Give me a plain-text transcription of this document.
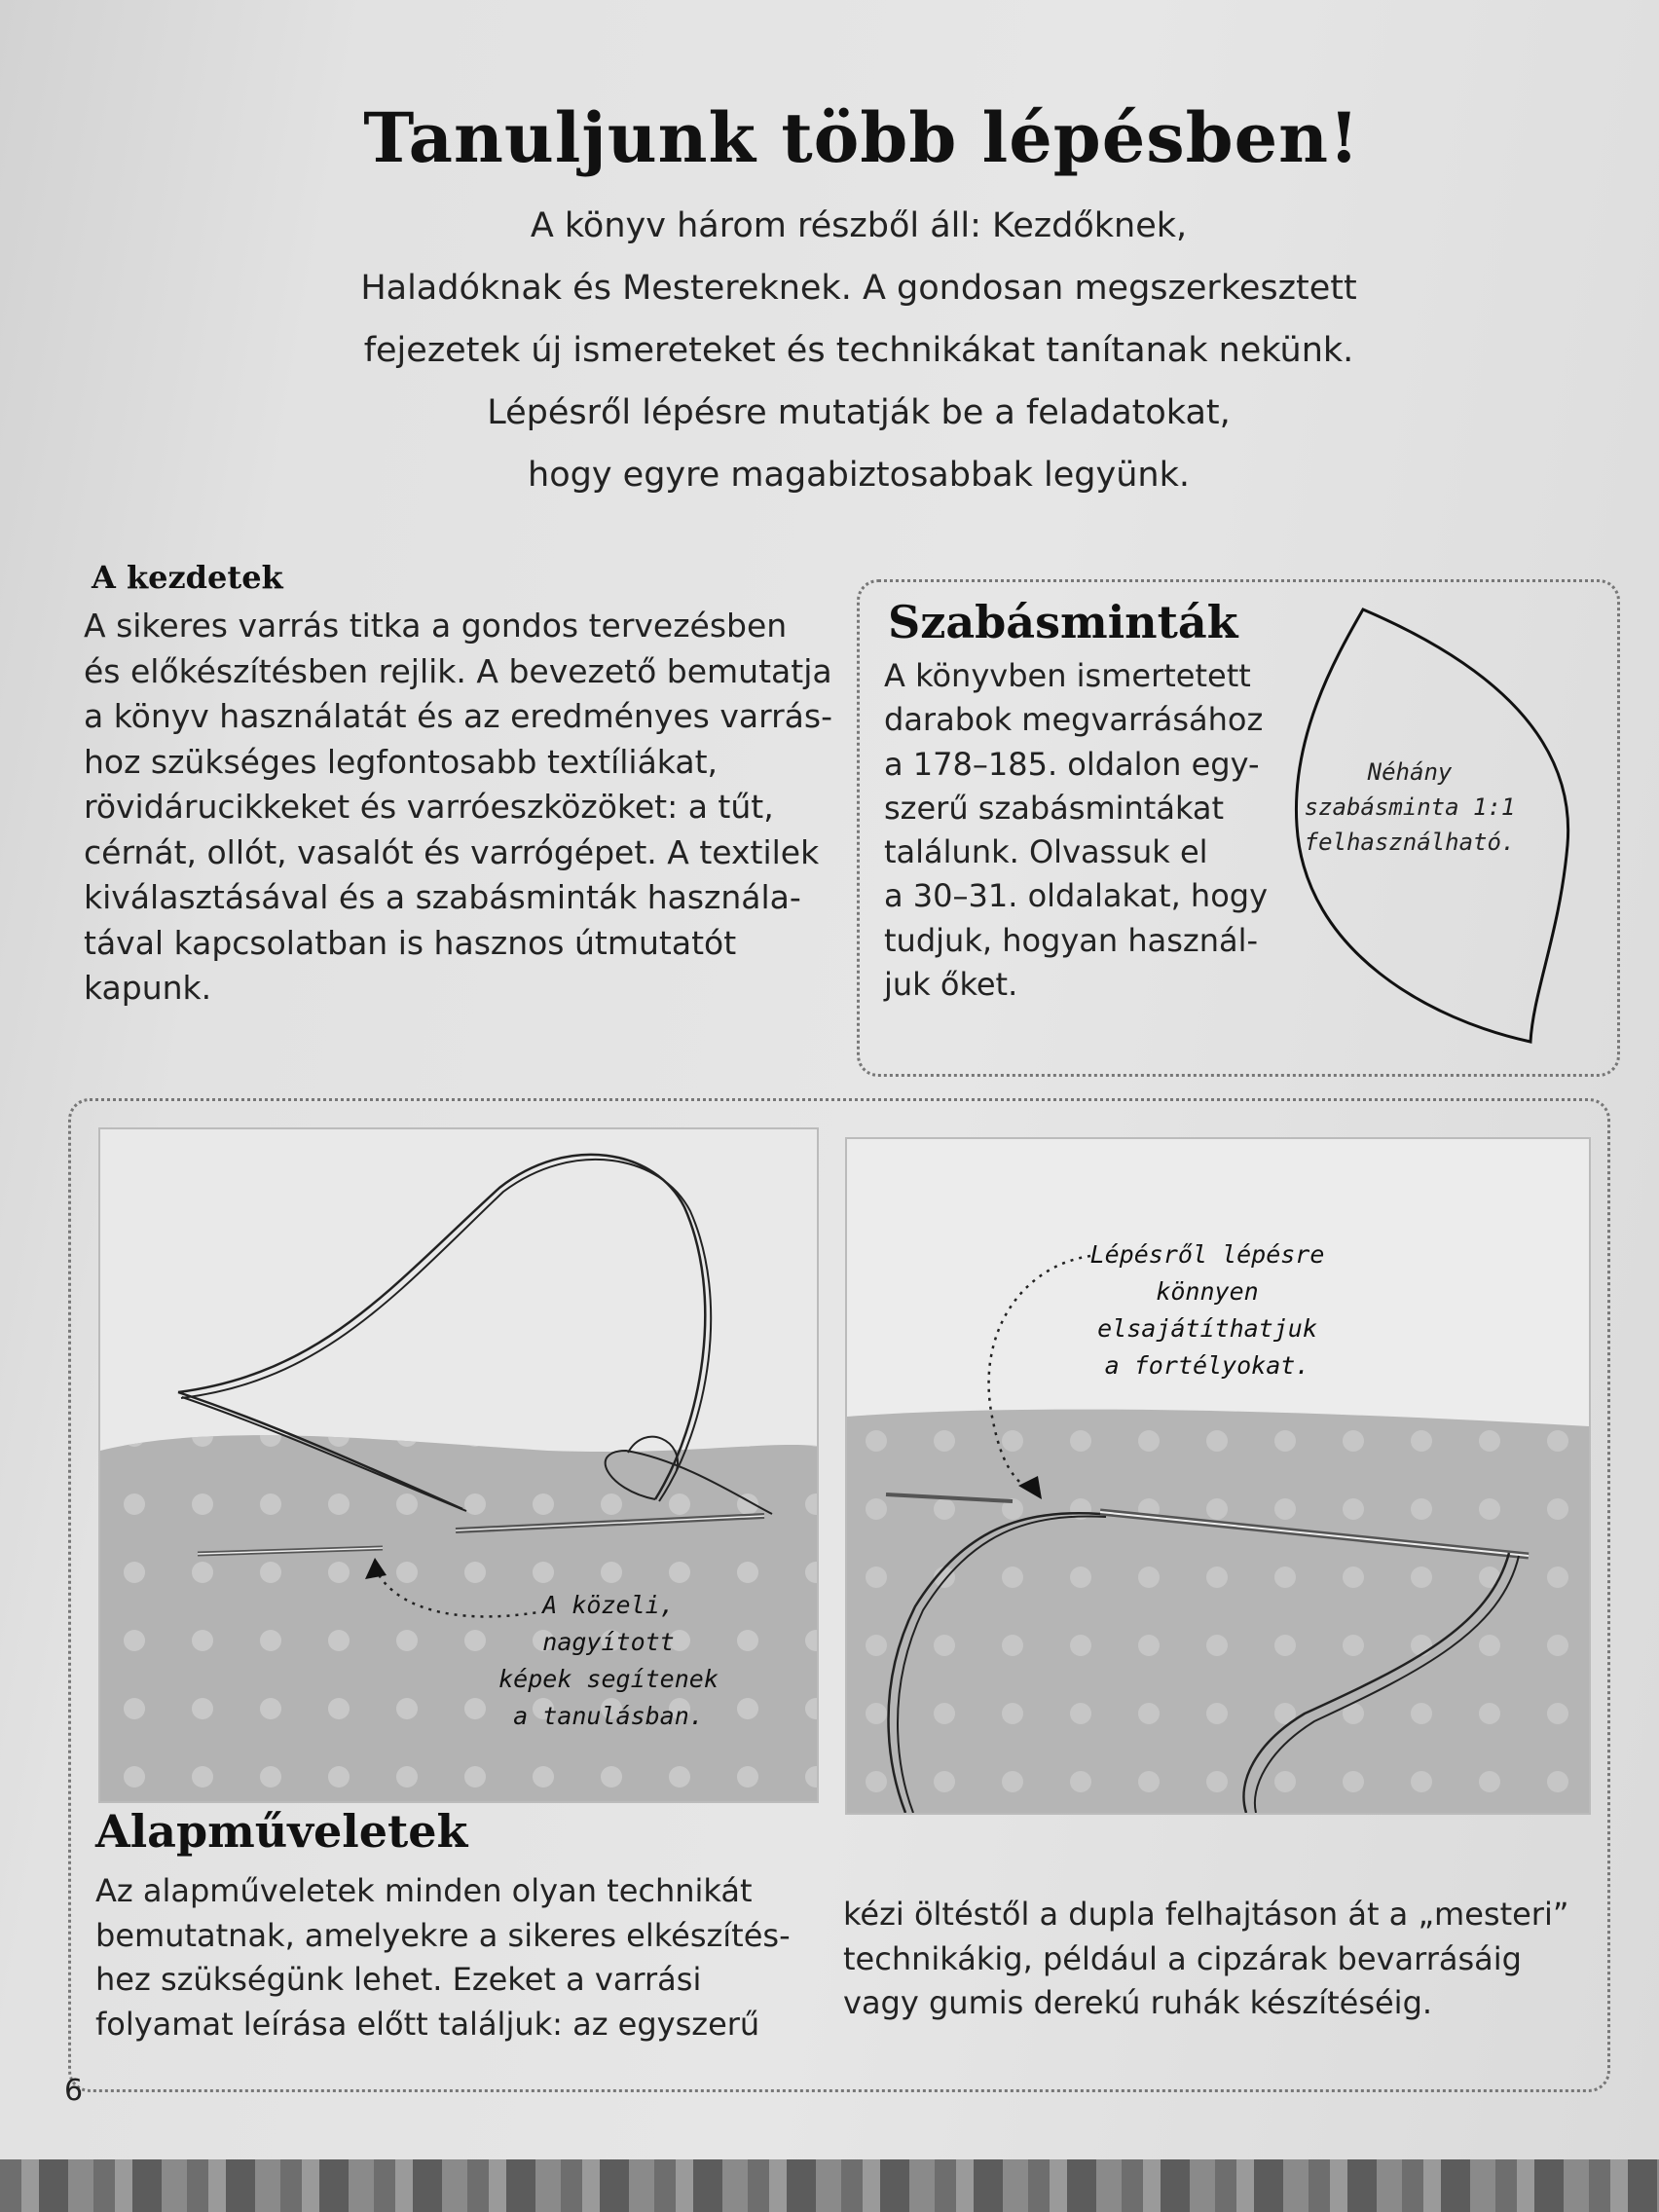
Tanuljunk több lépésben!
A könyv három részből áll: Kezdőknek,
Haladóknak és Mestereknek. A gondosan megszerkesztett
fejezetek új ismereteket és technikákat tanítanak nekünk.
Lépésről lépésre mutatják be a feladatokat,
hogy egyre magabiztosabbak legyünk.
A kezdetek
A sikeres varrás titka a gondos tervezésben
és előkészítésben rejlik. A bevezető bemutatja
a könyv használatát és az eredményes varrás-
hoz szükséges legfontosabb textíliákat,
rövidárucikkeket és varróeszközöket: a tűt,
cérnát, ollót, vasalót és varrógépet. A textilek
kiválasztásával és a szabásminták használa-
tával kapcsolatban is hasznos útmutatót
kapunk.
Szabásminták
A könyvben ismertetett
darabok megvarrásához
a 178–185. oldalon egy-
szerű szabásmintákat
találunk. Olvassuk el
a 30–31. oldalakat, hogy
tudjuk, hogyan használ-
juk őket.
Néhány
szabásminta 1:1
felhasználható.
A közeli,
nagyított
képek segítenek
a tanulásban.
Lépésről lépésre
könnyen
elsajátíthatjuk
a fortélyokat.
Alapműveletek
Az alapműveletek minden olyan technikát
bemutatnak, amelyekre a sikeres elkészítés-
hez szükségünk lehet. Ezeket a varrási
folyamat leírása előtt találjuk: az egyszerű
kézi öltéstől a dupla felhajtáson át a „mesteri”
technikákig, például a cipzárak bevarrásáig
vagy gumis derekú ruhák készítéséig.
6
